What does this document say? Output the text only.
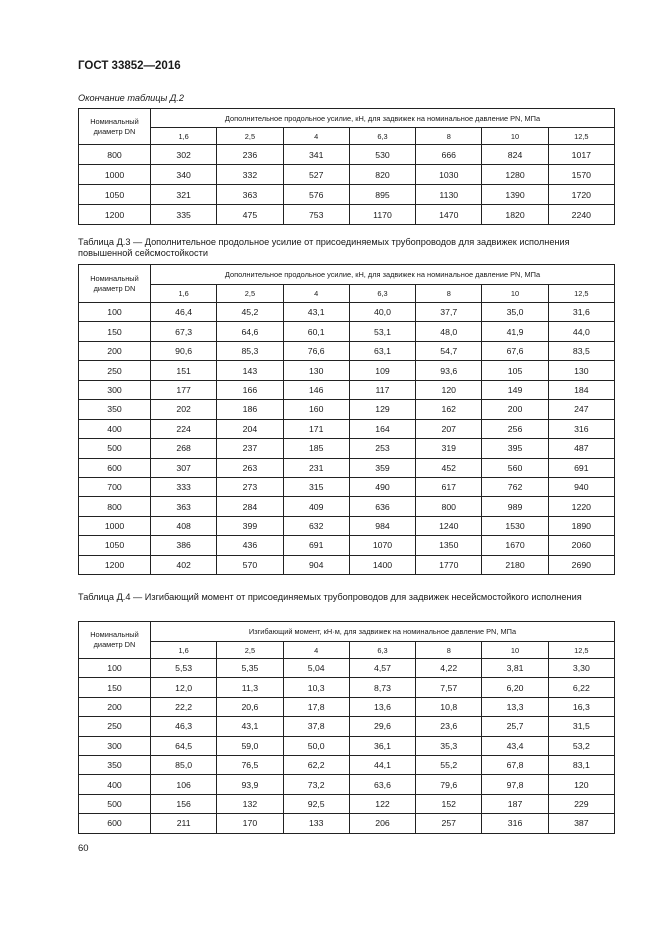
ГОСТ 33852—2016
Окончание таблицы Д.2
Номинальный диаметр DN	Дополнительное продольное усилие, кН, для задвижек на номинальное давление PN, МПа						
	1,6	2,5	4	6,3	8	10	12,5
800	302	236	341	530	666	824	1017
1000	340	332	527	820	1030	1280	1570
1050	321	363	576	895	1130	1390	1720
1200	335	475	753	1170	1470	1820	2240
Таблица Д.3 — Дополнительное продольное усилие от присоединяемых трубопроводов для задвижек исполнения повышенной сейсмостойкости
Номинальный диаметр DN	Дополнительное продольное усилие, кН, для задвижек на номинальное давление PN, МПа						
	1,6	2,5	4	6,3	8	10	12,5
100	46,4	45,2	43,1	40,0	37,7	35,0	31,6
150	67,3	64,6	60,1	53,1	48,0	41,9	44,0
200	90,6	85,3	76,6	63,1	54,7	67,6	83,5
250	151	143	130	109	93,6	105	130
300	177	166	146	117	120	149	184
350	202	186	160	129	162	200	247
400	224	204	171	164	207	256	316
500	268	237	185	253	319	395	487
600	307	263	231	359	452	560	691
700	333	273	315	490	617	762	940
800	363	284	409	636	800	989	1220
1000	408	399	632	984	1240	1530	1890
1050	386	436	691	1070	1350	1670	2060
1200	402	570	904	1400	1770	2180	2690
Таблица Д.4 — Изгибающий момент от присоединяемых трубопроводов для задвижек несейсмостойкого исполнения
Номинальный диаметр DN	Изгибающий момент, кН·м, для задвижек на номинальное давление PN, МПа						
	1,6	2,5	4	6,3	8	10	12,5
100	5,53	5,35	5,04	4,57	4,22	3,81	3,30
150	12,0	11,3	10,3	8,73	7,57	6,20	6,22
200	22,2	20,6	17,8	13,6	10,8	13,3	16,3
250	46,3	43,1	37,8	29,6	23,6	25,7	31,5
300	64,5	59,0	50,0	36,1	35,3	43,4	53,2
350	85,0	76,5	62,2	44,1	55,2	67,8	83,1
400	106	93,9	73,2	63,6	79,6	97,8	120
500	156	132	92,5	122	152	187	229
600	211	170	133	206	257	316	387
60
